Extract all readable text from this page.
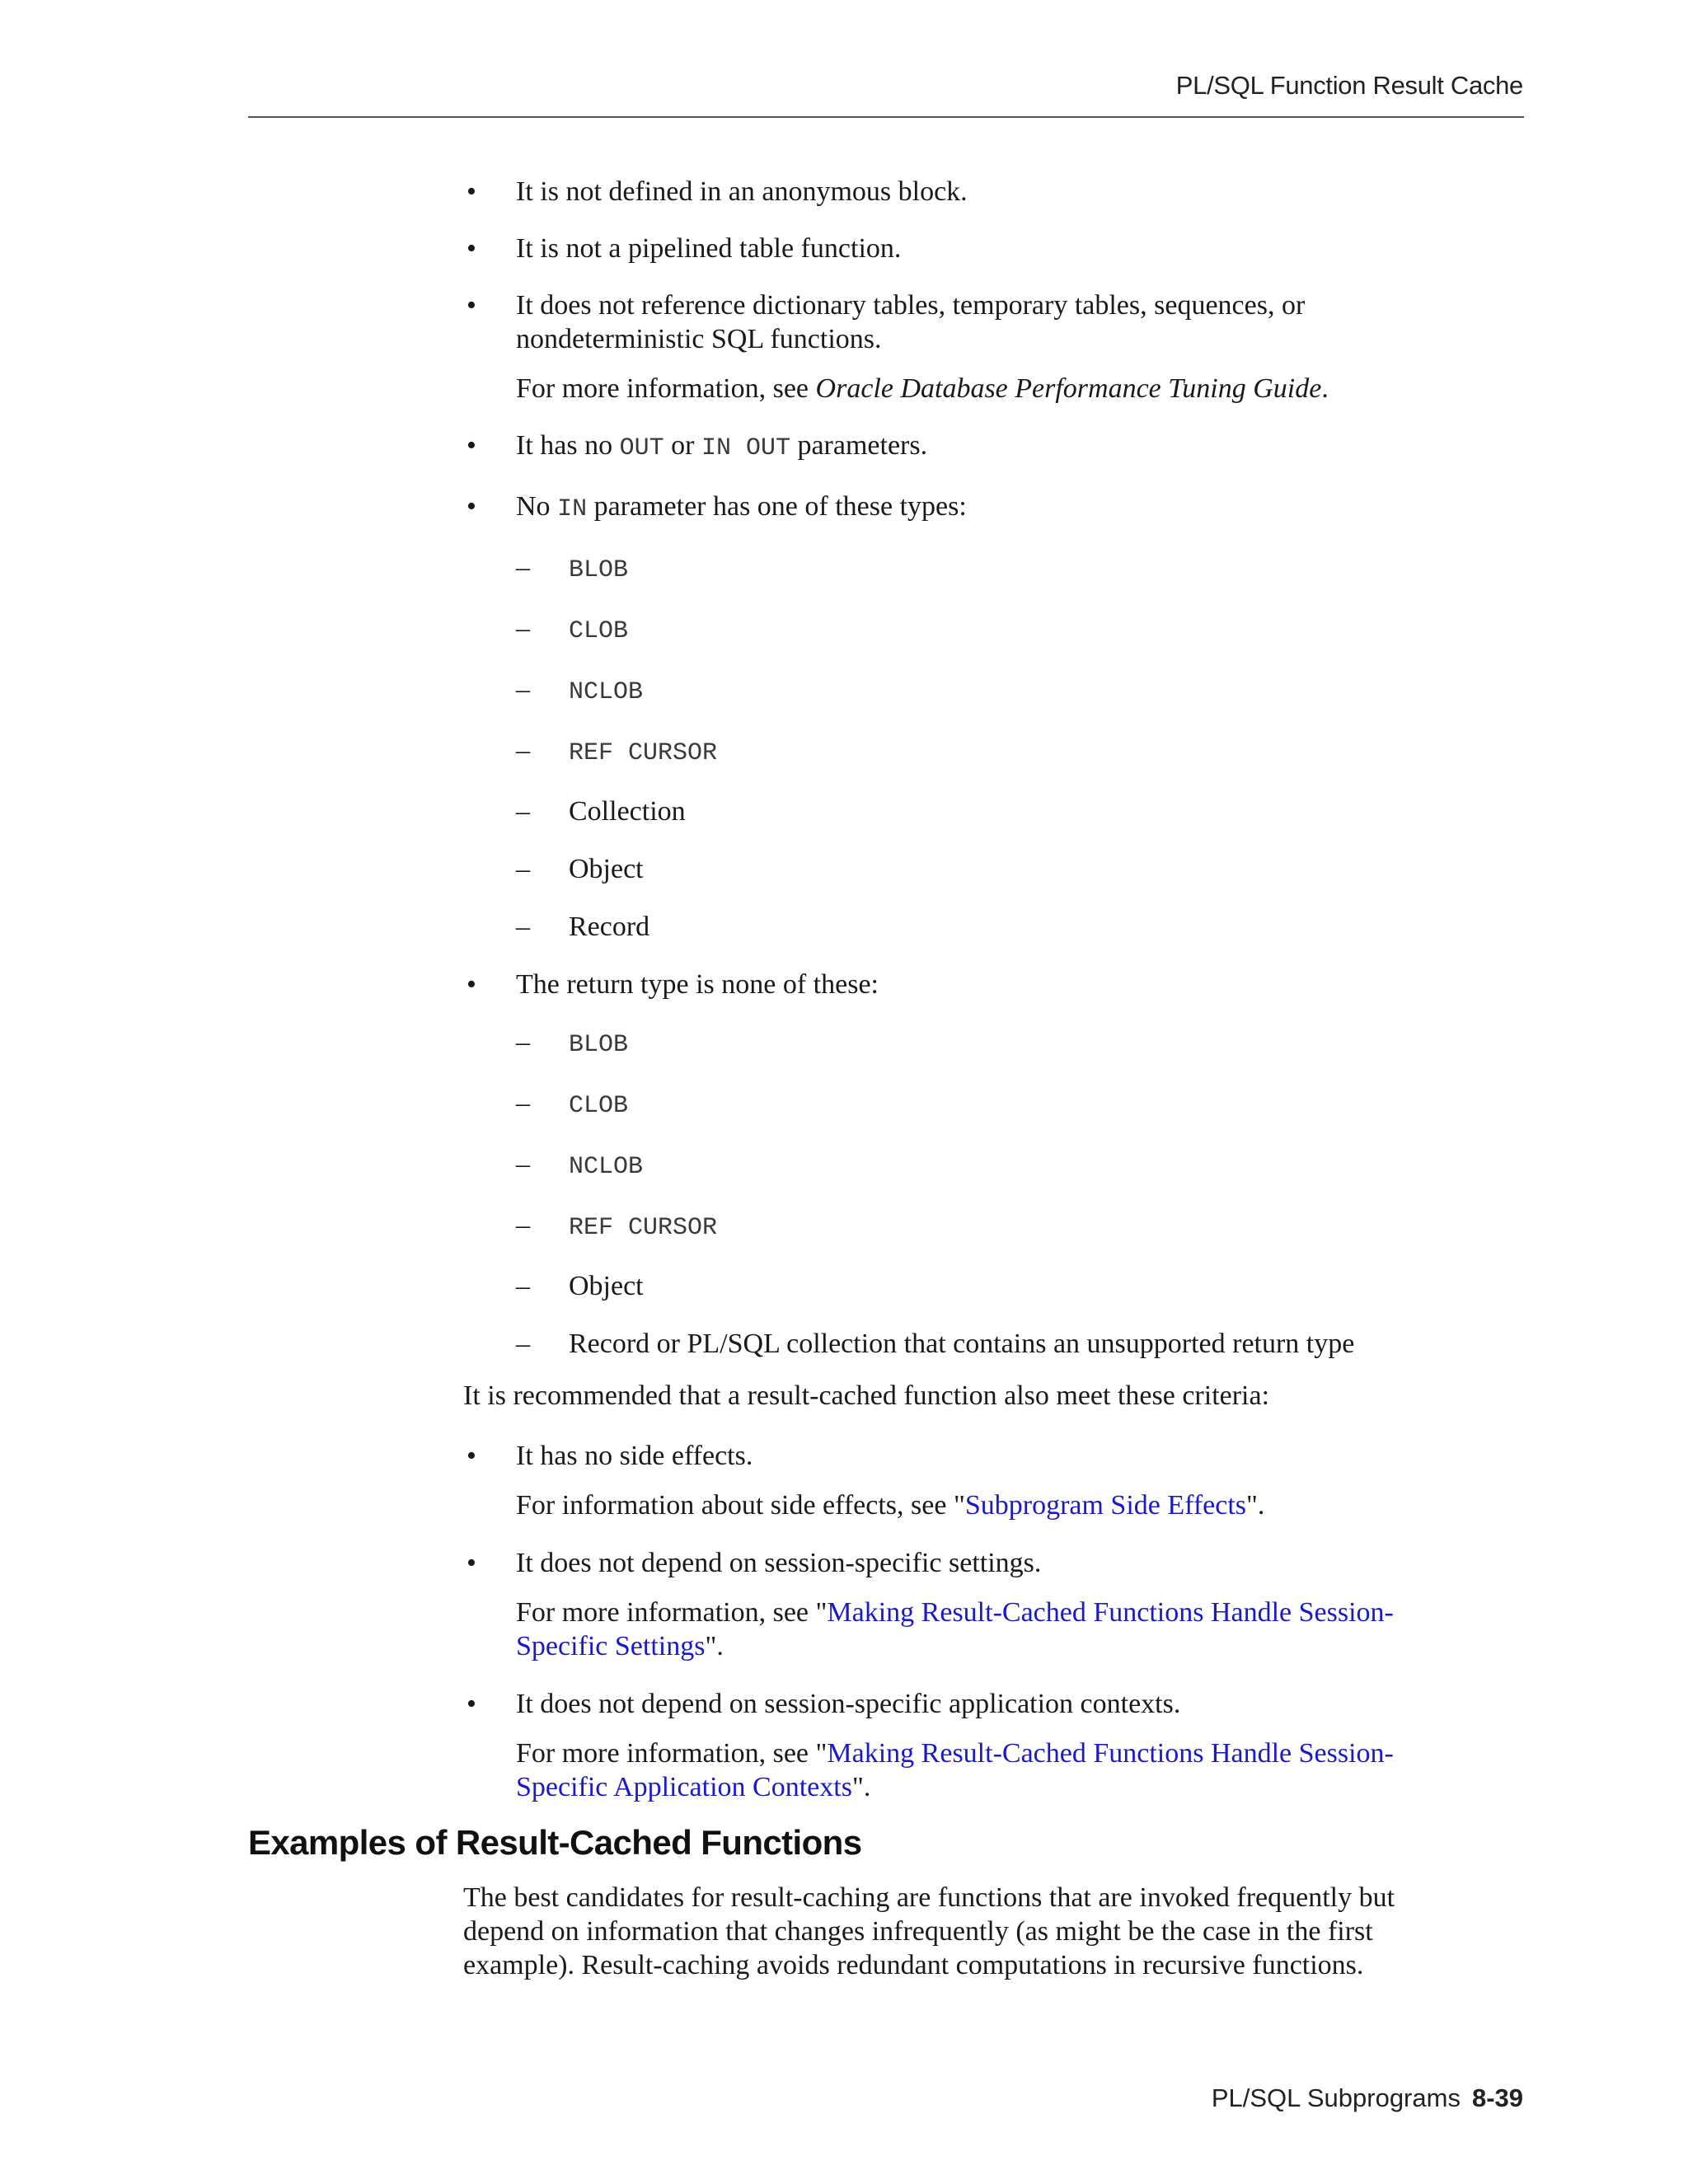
PL/SQL Function Result Cache
• It is not defined in an anonymous block.
• It is not a pipelined table function.
• It does not reference dictionary tables, temporary tables, sequences, or
nondeterministic SQL functions.
For more information, see Oracle Database Performance Tuning Guide.
• It has no OUT or IN OUT parameters.
• No IN parameter has one of these types:
– BLOB
– CLOB
– NCLOB
– REF CURSOR
– Collection
– Object
– Record
• The return type is none of these:
– BLOB
– CLOB
– NCLOB
– REF CURSOR
– Object
– Record or PL/SQL collection that contains an unsupported return type
It is recommended that a result-cached function also meet these criteria:
• It has no side effects.
For information about side effects, see "Subprogram Side Effects".
• It does not depend on session-specific settings.
For more information, see "Making Result-Cached Functions Handle Session-
Specific Settings".
• It does not depend on session-specific application contexts.
For more information, see "Making Result-Cached Functions Handle Session-
Specific Application Contexts".
Examples of Result-Cached Functions
The best candidates for result-caching are functions that are invoked frequently but
depend on information that changes infrequently (as might be the case in the first
example). Result-caching avoids redundant computations in recursive functions.
PL/SQL Subprograms 8-39
